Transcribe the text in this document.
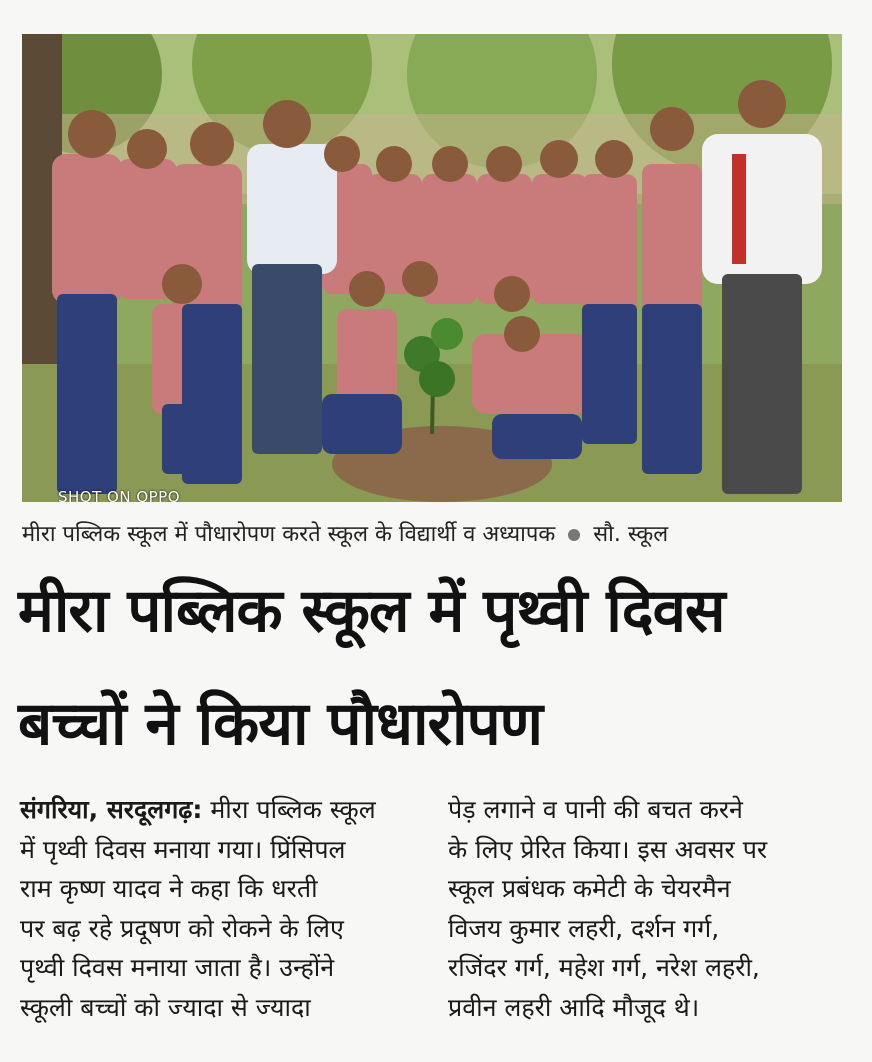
SHOT ON OPPO
मीरा पब्लिक स्कूल में पौधारोपण करते स्कूल के विद्यार्थी व अध्यापक सौ. स्कूल
मीरा पब्लिक स्कूल में पृथ्वी दिवस
बच्चों ने किया पौधारोपण
संगरिया, सरदूलगढ़: मीरा पब्लिक स्कूल
में पृथ्वी दिवस मनाया गया। प्रिंसिपल
राम कृष्ण यादव ने कहा कि धरती
पर बढ़ रहे प्रदूषण को रोकने के लिए
पृथ्वी दिवस मनाया जाता है। उन्होंने
स्कूली बच्चों को ज्यादा से ज्यादा
पेड़ लगाने व पानी की बचत करने
के लिए प्रेरित किया। इस अवसर पर
स्कूल प्रबंधक कमेटी के चेयरमैन
विजय कुमार लहरी, दर्शन गर्ग,
रजिंदर गर्ग, महेश गर्ग, नरेश लहरी,
प्रवीन लहरी आदि मौजूद थे।
